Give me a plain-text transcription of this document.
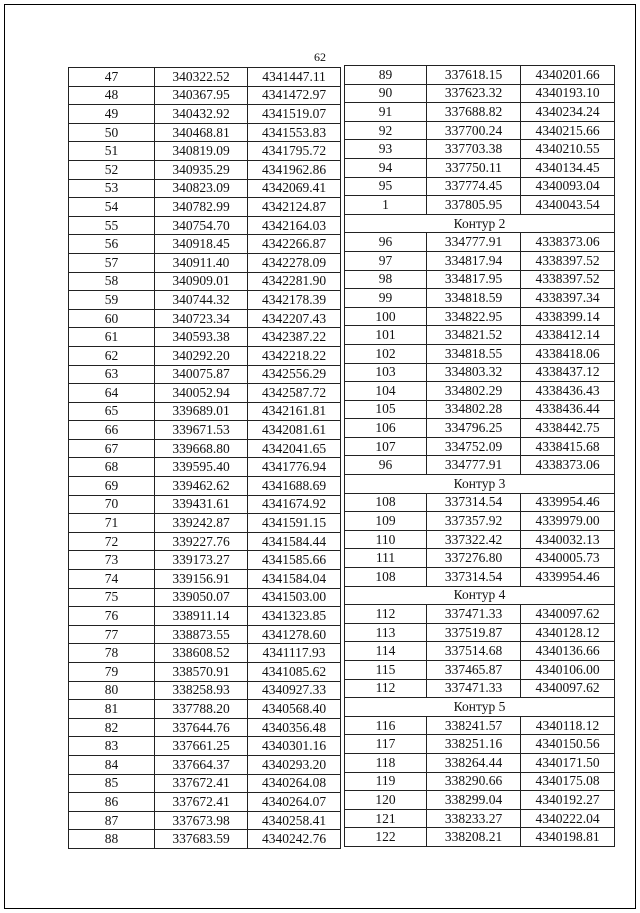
62
47	340322.52	4341447.11
48	340367.95	4341472.97
49	340432.92	4341519.07
50	340468.81	4341553.83
51	340819.09	4341795.72
52	340935.29	4341962.86
53	340823.09	4342069.41
54	340782.99	4342124.87
55	340754.70	4342164.03
56	340918.45	4342266.87
57	340911.40	4342278.09
58	340909.01	4342281.90
59	340744.32	4342178.39
60	340723.34	4342207.43
61	340593.38	4342387.22
62	340292.20	4342218.22
63	340075.87	4342556.29
64	340052.94	4342587.72
65	339689.01	4342161.81
66	339671.53	4342081.61
67	339668.80	4342041.65
68	339595.40	4341776.94
69	339462.62	4341688.69
70	339431.61	4341674.92
71	339242.87	4341591.15
72	339227.76	4341584.44
73	339173.27	4341585.66
74	339156.91	4341584.04
75	339050.07	4341503.00
76	338911.14	4341323.85
77	338873.55	4341278.60
78	338608.52	4341117.93
79	338570.91	4341085.62
80	338258.93	4340927.33
81	337788.20	4340568.40
82	337644.76	4340356.48
83	337661.25	4340301.16
84	337664.37	4340293.20
85	337672.41	4340264.08
86	337672.41	4340264.07
87	337673.98	4340258.41
88	337683.59	4340242.76
89	337618.15	4340201.66
90	337623.32	4340193.10
91	337688.82	4340234.24
92	337700.24	4340215.66
93	337703.38	4340210.55
94	337750.11	4340134.45
95	337774.45	4340093.04
1	337805.95	4340043.54
Контур 2		
96	334777.91	4338373.06
97	334817.94	4338397.52
98	334817.95	4338397.52
99	334818.59	4338397.34
100	334822.95	4338399.14
101	334821.52	4338412.14
102	334818.55	4338418.06
103	334803.32	4338437.12
104	334802.29	4338436.43
105	334802.28	4338436.44
106	334796.25	4338442.75
107	334752.09	4338415.68
96	334777.91	4338373.06
Контур 3		
108	337314.54	4339954.46
109	337357.92	4339979.00
110	337322.42	4340032.13
111	337276.80	4340005.73
108	337314.54	4339954.46
Контур 4		
112	337471.33	4340097.62
113	337519.87	4340128.12
114	337514.68	4340136.66
115	337465.87	4340106.00
112	337471.33	4340097.62
Контур 5		
116	338241.57	4340118.12
117	338251.16	4340150.56
118	338264.44	4340171.50
119	338290.66	4340175.08
120	338299.04	4340192.27
121	338233.27	4340222.04
122	338208.21	4340198.81
